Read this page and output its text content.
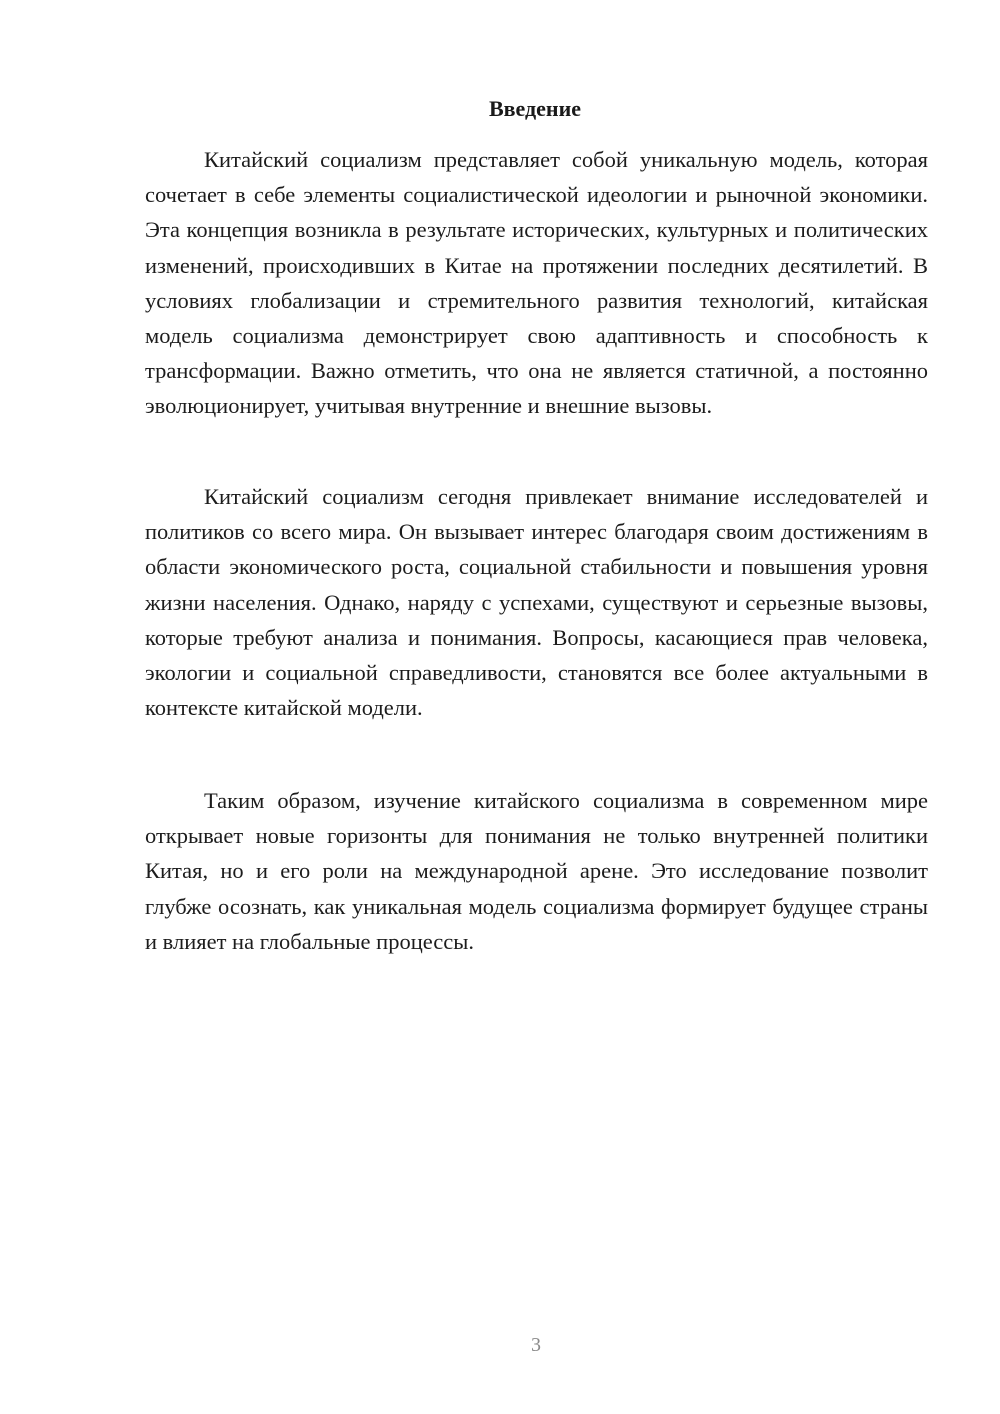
Введение

Китайский социализм представляет собой уникальную модель, которая сочетает в себе элементы социалистической идеологии и рыночной экономики. Эта концепция возникла в результате исторических, культурных и политических изменений, происходивших в Китае на протяжении последних десятилетий. В условиях глобализации и стремительного развития технологий, китайская модель социализма демонстрирует свою адаптивность и способность к трансформации. Важно отметить, что она не является статичной, а постоянно эволюционирует, учитывая внутренние и внешние вызовы.

Китайский социализм сегодня привлекает внимание исследователей и политиков со всего мира. Он вызывает интерес благодаря своим достижениям в области экономического роста, социальной стабильности и повышения уровня жизни населения. Однако, наряду с успехами, существуют и серьезные вызовы, которые требуют анализа и понимания. Вопросы, касающиеся прав человека, экологии и социальной справедливости, становятся все более актуальными в контексте китайской модели.

Таким образом, изучение китайского социализма в современном мире открывает новые горизонты для понимания не только внутренней политики Китая, но и его роли на международной арене. Это исследование позволит глубже осознать, как уникальная модель социализма формирует будущее страны и влияет на глобальные процессы.

3
